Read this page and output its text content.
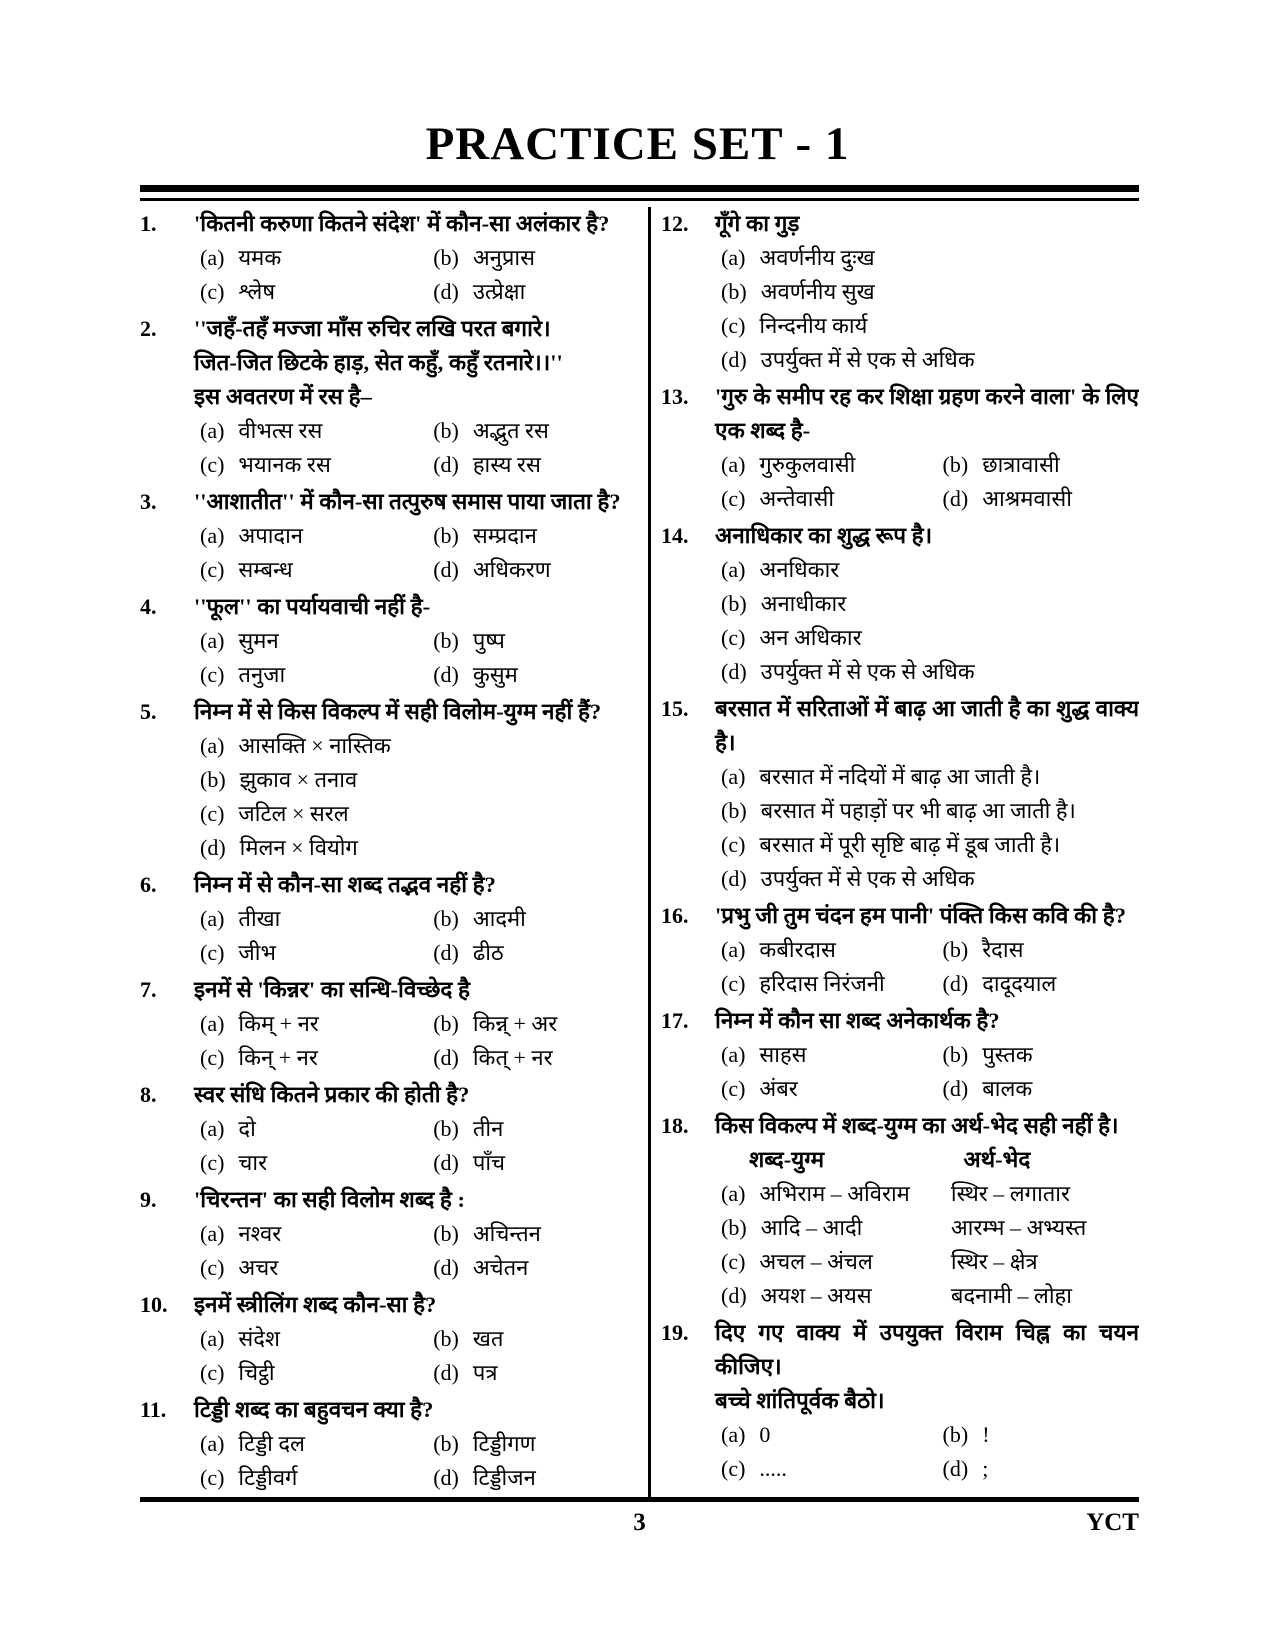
PRACTICE SET - 1
1.	'कितनी करुणा कितने संदेश' में कौन-सा अलंकार है?
(a) यमक	(b) अनुप्रास
(c) श्लेष	(d) उत्प्रेक्षा
2.	''जहँ-तहँ मज्जा माँस रुचिर लखि परत बगारे।
जित-जित छिटके हाड़, सेत कहुँ, कहुँ रतनारे।।''
इस अवतरण में रस है–
(a) वीभत्स रस	(b) अद्भुत रस
(c) भयानक रस	(d) हास्य रस
3.	''आशातीत'' में कौन-सा तत्पुरुष समास पाया जाता है?
(a) अपादान	(b) सम्प्रदान
(c) सम्बन्ध	(d) अधिकरण
4.	''फूल'' का पर्यायवाची नहीं है-
(a) सुमन	(b) पुष्प
(c) तनुजा	(d) कुसुम
5.	निम्न में से किस विकल्प में सही विलोम-युग्म नहीं हैं?
(a) आसक्ति × नास्तिक
(b) झुकाव × तनाव
(c) जटिल × सरल
(d) मिलन × वियोग
6.	निम्न में से कौन-सा शब्द तद्भव नहीं है?
(a) तीखा	(b) आदमी
(c) जीभ	(d) ढीठ
7.	इनमें से 'किन्नर' का सन्धि-विच्छेद है
(a) किम् + नर	(b) किन्न् + अर
(c) किन् + नर	(d) कित् + नर
8.	स्वर संधि कितने प्रकार की होती है?
(a) दो	(b) तीन
(c) चार	(d) पाँच
9.	'चिरन्तन' का सही विलोम शब्द है :
(a) नश्वर	(b) अचिन्तन
(c) अचर	(d) अचेतन
10.	इनमें स्त्रीलिंग शब्द कौन-सा है?
(a) संदेश	(b) खत
(c) चिट्ठी	(d) पत्र
11.	टिड्डी शब्द का बहुवचन क्या है?
(a) टिड्डी दल	(b) टिड्डीगण
(c) टिड्डीवर्ग	(d) टिड्डीजन
12.	गूँगे का गुड़
(a) अवर्णनीय दुःख
(b) अवर्णनीय सुख
(c) निन्दनीय कार्य
(d) उपर्युक्त में से एक से अधिक
13.	'गुरु के समीप रह कर शिक्षा ग्रहण करने वाला' के लिए एक शब्द है-
(a) गुरुकुलवासी	(b) छात्रावासी
(c) अन्तेवासी	(d) आश्रमवासी
14.	अनाधिकार का शुद्ध रूप है।
(a) अनधिकार
(b) अनाधीकार
(c) अन अधिकार
(d) उपर्युक्त में से एक से अधिक
15.	बरसात में सरिताओं में बाढ़ आ जाती है का शुद्ध वाक्य है।
(a) बरसात में नदियों में बाढ़ आ जाती है।
(b) बरसात में पहाड़ों पर भी बाढ़ आ जाती है।
(c) बरसात में पूरी सृष्टि बाढ़ में डूब जाती है।
(d) उपर्युक्त में से एक से अधिक
16.	'प्रभु जी तुम चंदन हम पानी' पंक्ति किस कवि की है?
(a) कबीरदास	(b) रैदास
(c) हरिदास निरंजनी	(d) दादूदयाल
17.	निम्न में कौन सा शब्द अनेकार्थक है?
(a) साहस	(b) पुस्तक
(c) अंबर	(d) बालक
18.	किस विकल्प में शब्द-युग्म का अर्थ-भेद सही नहीं है।
शब्द-युग्म	अर्थ-भेद
(a) अभिराम – अविराम	स्थिर – लगातार
(b) आदि – आदी	आरम्भ – अभ्यस्त
(c) अचल – अंचल	स्थिर – क्षेत्र
(d) अयश – अयस	बदनामी – लोहा
19.	दिए गए वाक्य में उपयुक्त विराम चिह्न का चयन कीजिए।
बच्चे शांतिपूर्वक बैठो।
(a) 0	(b) !
(c) .....	(d) ;
3	YCT
